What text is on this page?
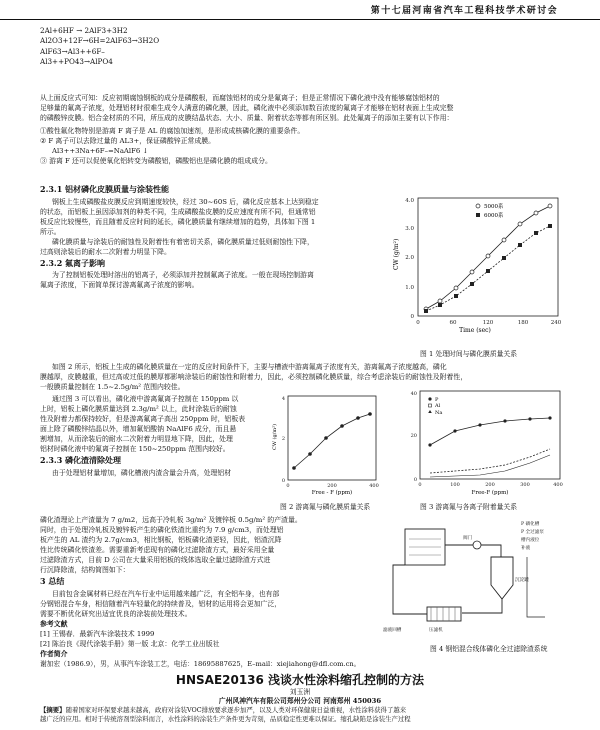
第十七届河南省汽车工程科技学术研讨会
2Al+6HF → 2AlF3+3H2
Al2O3+12F→6H=2AlF63→3H2O
AlF63→Al3++6F–
Al3++PO43→AlPO4
从上面反应式可知：反应初期腐蚀钢板的成分是磷酸根，而腐蚀铝材的成分是氟离子；但是正常情况下磷化液中没有能够腐蚀铝材的
足够量的氟离子浓度，处理铝材时很难生成令人满意的磷化膜，因此，磷化液中必须添加数百浓度的氟离子才能够在铝材表面上生成完整
的磷酸锌皮膜。铝合金材质的不同，所压成的皮膜结晶状态、大小、质量、附着状态等都有所区别。此处氟离子的添加主要有以下作用：
①酸性氟化物特别是游离 F 离子是 AL 的腐蚀加速剂，是形成成核磷化膜的重要条件。
② F 离子可以去除过量的 AL3+，保证磷酸锌正常成膜。
Al3++3Na+6F–=NaAlF6 ↓
③ 游离 F 还可以促使氧化铝转变为磷酸铝，磷酸铝也是磷化膜的组成成分。
2.3.1 铝材磷化皮膜质量与涂装性能
钢板上生成磷酸盐皮膜反应到期速度较快，经过 30~60S 后，磷化反应基本上达到稳定
的状态，而铝板上虽因添加剂的种类不同，生成磷酸盐皮膜的反应速度有所不同，但通常铝
板反应比较慢些，而且随着反应时间的延长，磷化膜质量有继续增加的趋势，具体如下图 1
所示。
磷化膜质量与涂装后的耐蚀性及附着性有着密切关系，磷化膜质量过低则耐蚀性下降，
过高则涂装后的耐水二次附着力明显下降。
2.3.2 氟离子影响
为了控制铝板处理时溶出的铝离子，必须添加并控制氟离子浓度。一般在现场控制游离
氟离子浓度，下面简单探讨游离氟离子浓度的影响。
CW (g/m²)
Time (sec)
0
1.0
2.0
3.0
4.0
0	60	120	180	240
5000系
6000系
图 1 处理时间与磷化膜质量关系
如图 2 所示，铝板上生成的磷化膜质量在一定的反应时间条件下，主要与槽液中游离氟离子浓度有关，游离氟离子浓度越高，磷化
膜越厚，皮膜越重，但过高或过低的膜厚都影响涂装后的耐蚀性和附着力，因此，必须控制磷化膜质量，综合考虑涂装后的耐蚀性及附着性，
一般膜质量控制在 1.5~2.5g/m² 范围内较佳。
通过图 3 可以看出，磷化液中游离氟离子控制在 150ppm 以
上时，铝板上磷化膜质量达到 2.3g/m² 以上，此时涂装后的耐蚀
性及附着力都保持较好，但是游离氟离子高出 250ppm 时，铝板表
面上除了磷酸锌结晶以外，增加氟铝酸钠 NaAlF6 成分，而且悬
割增加，从而涂装后的耐水二次附着力明显地下降，因此，处理
铝材时磷化液中的氟离子控制在 150~250ppm 范围内较好。
2.3.3 磷化渣清除处理
由于处理铝材量增加，磷化槽液内渣含量会升高，处理铝材
CW (g/m²)
Free - F (ppm)
0
2
4
0	200	400
图 2 游离氟与磷化膜质量关系
Free-F (ppm)
0
20
40
0	100	200	300	400
P
Al
Na
图 3 游离氟与各离子附着量关系
磷化渣理论上产渣量为 7 g/m2，远高于冷轧板 3g/m² 及镀锌板 0.5g/m² 的产渣量。
同时，由于处理冷轧板及镀锌板产生的磷化铁渣比重约为 7.9 g/cm3，而处理铝
板产生的 AL 渣约为 2.7g/cm3，相比钢板，铝板磷化渣更轻，因此，铝渣沉降
性比传统磷化铁渣差。需要重新考虑现有的磷化过滤除渣方式，最好采用全量
过滤除渣方式，目前 D 公司在大量采用铝板的线体选取全量过滤除渣方式进
行沉降除渣，结构简图如下：
3 总结
目前包含金属材料已经在汽车行业中运用越来越广泛，有全铝车身，也有部
分钢铝混合车身，相信随着汽车轻量化的持续普及，铝材的运用将会更加广泛，
需要不断优化研究出适宜优良的涂装前处理技术。
参考文献
[1] 王锡春．最新汽车涂装技术 1999
[2] 陈治良《现代涂装手册》第一版 北京：化学工业出版社
作者简介
P 磷化槽
P 全过滤泵
槽内液位
补液
阀门
沉淀罐
压滤机
滤液回槽
图 4 钢铝混合线体磷化全过滤除渣系统
谢加宏（1986.9），男，从事汽车涂装工艺，电话：18695887625，E–mail：xiejiahong@dfl.com.cn。
HNSAE20136 浅谈水性涂料缩孔控制的方法
刘玉洲
广州风神汽车有限公司郑州分公司 河南郑州 450036
【摘要】随着国家对环保要求越来越高，政府对涂装VOC排放要求逐步加严，以及人类对环保健康日益重视，水性涂料获得了越来
越广泛的应用。相对于传统溶剂型涂料而言，水性涂料的涂装生产条件更为苛刻，品质稳定性更难以保证。缩孔缺陷是涂装生产过程
